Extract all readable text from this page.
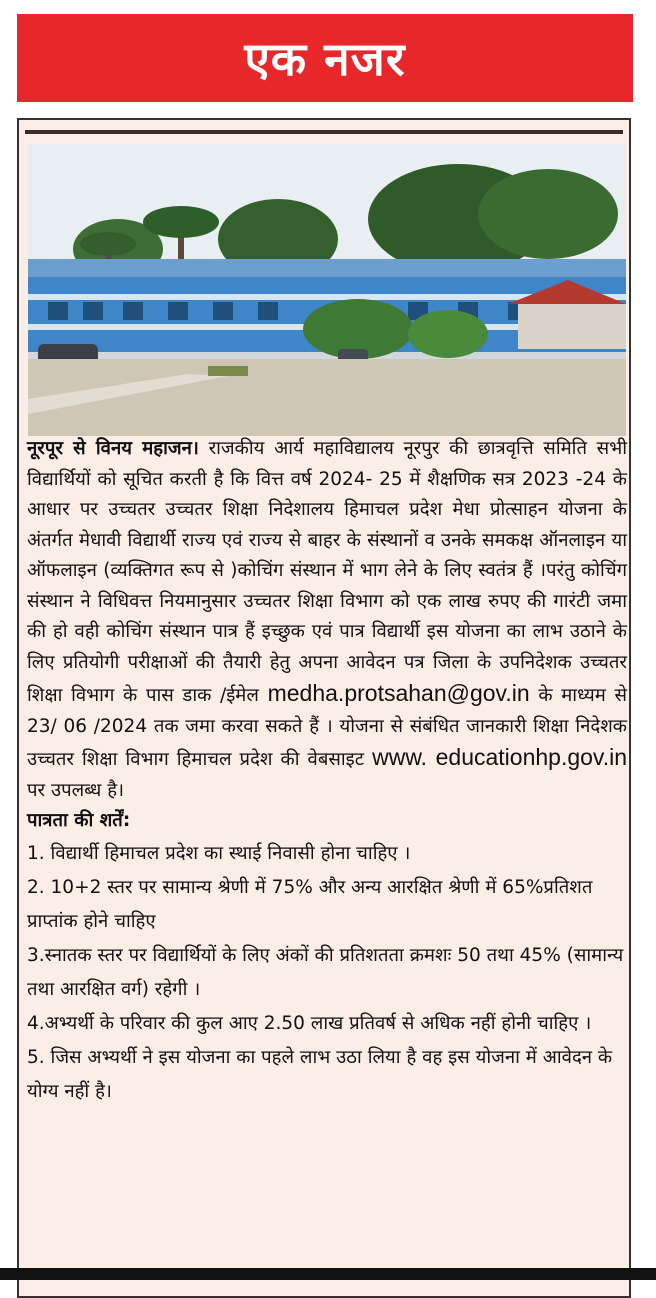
एक नजर

नूरपूर से विनय महाजन। राजकीय आर्य महाविद्यालय नूरपुर की छात्रवृत्ति समिति सभी विद्यार्थियों को सूचित करती है कि वित्त वर्ष 2024- 25 में शैक्षणिक सत्र 2023 -24 के आधार पर उच्चतर उच्चतर शिक्षा निदेशालय हिमाचल प्रदेश मेधा प्रोत्साहन योजना के अंतर्गत मेधावी विद्यार्थी राज्य एवं राज्य से बाहर के संस्थानों व उनके समकक्ष ऑनलाइन या ऑफलाइन (व्यक्तिगत रूप से )कोचिंग संस्थान में भाग लेने के लिए स्वतंत्र हैं ।परंतु कोचिंग संस्थान ने विधिवत्त नियमानुसार उच्चतर शिक्षा विभाग को एक लाख रुपए की गारंटी जमा की हो वही कोचिंग संस्थान पात्र हैं इच्छुक एवं पात्र विद्यार्थी इस योजना का लाभ उठाने के लिए प्रतियोगी परीक्षाओं की तैयारी हेतु अपना आवेदन पत्र जिला के उपनिदेशक उच्चतर शिक्षा विभाग के पास डाक /ईमेल medha.protsahan@gov.in के माध्यम से 23/ 06 /2024 तक जमा करवा सकते हैं । योजना से संबंधित जानकारी शिक्षा निदेशक उच्चतर शिक्षा विभाग हिमाचल प्रदेश की वेबसाइट www. educationhp.gov.in पर उपलब्ध है।

पात्रता की शर्तें:

1. विद्यार्थी हिमाचल प्रदेश का स्थाई निवासी होना चाहिए ।

2. 10+2 स्तर पर सामान्य श्रेणी में 75% और अन्य आरक्षित श्रेणी में 65%प्रतिशत प्राप्तांक होने चाहिए

3.स्नातक स्तर पर विद्यार्थियों के लिए अंकों की प्रतिशतता क्रमशः 50 तथा 45% (सामान्य तथा आरक्षित वर्ग) रहेगी ।

4.अभ्यर्थी के परिवार की कुल आए 2.50 लाख प्रतिवर्ष से अधिक नहीं होनी चाहिए ।

5. जिस अभ्यर्थी ने इस योजना का पहले लाभ उठा लिया है वह इस योजना में आवेदन के योग्य नहीं है।
